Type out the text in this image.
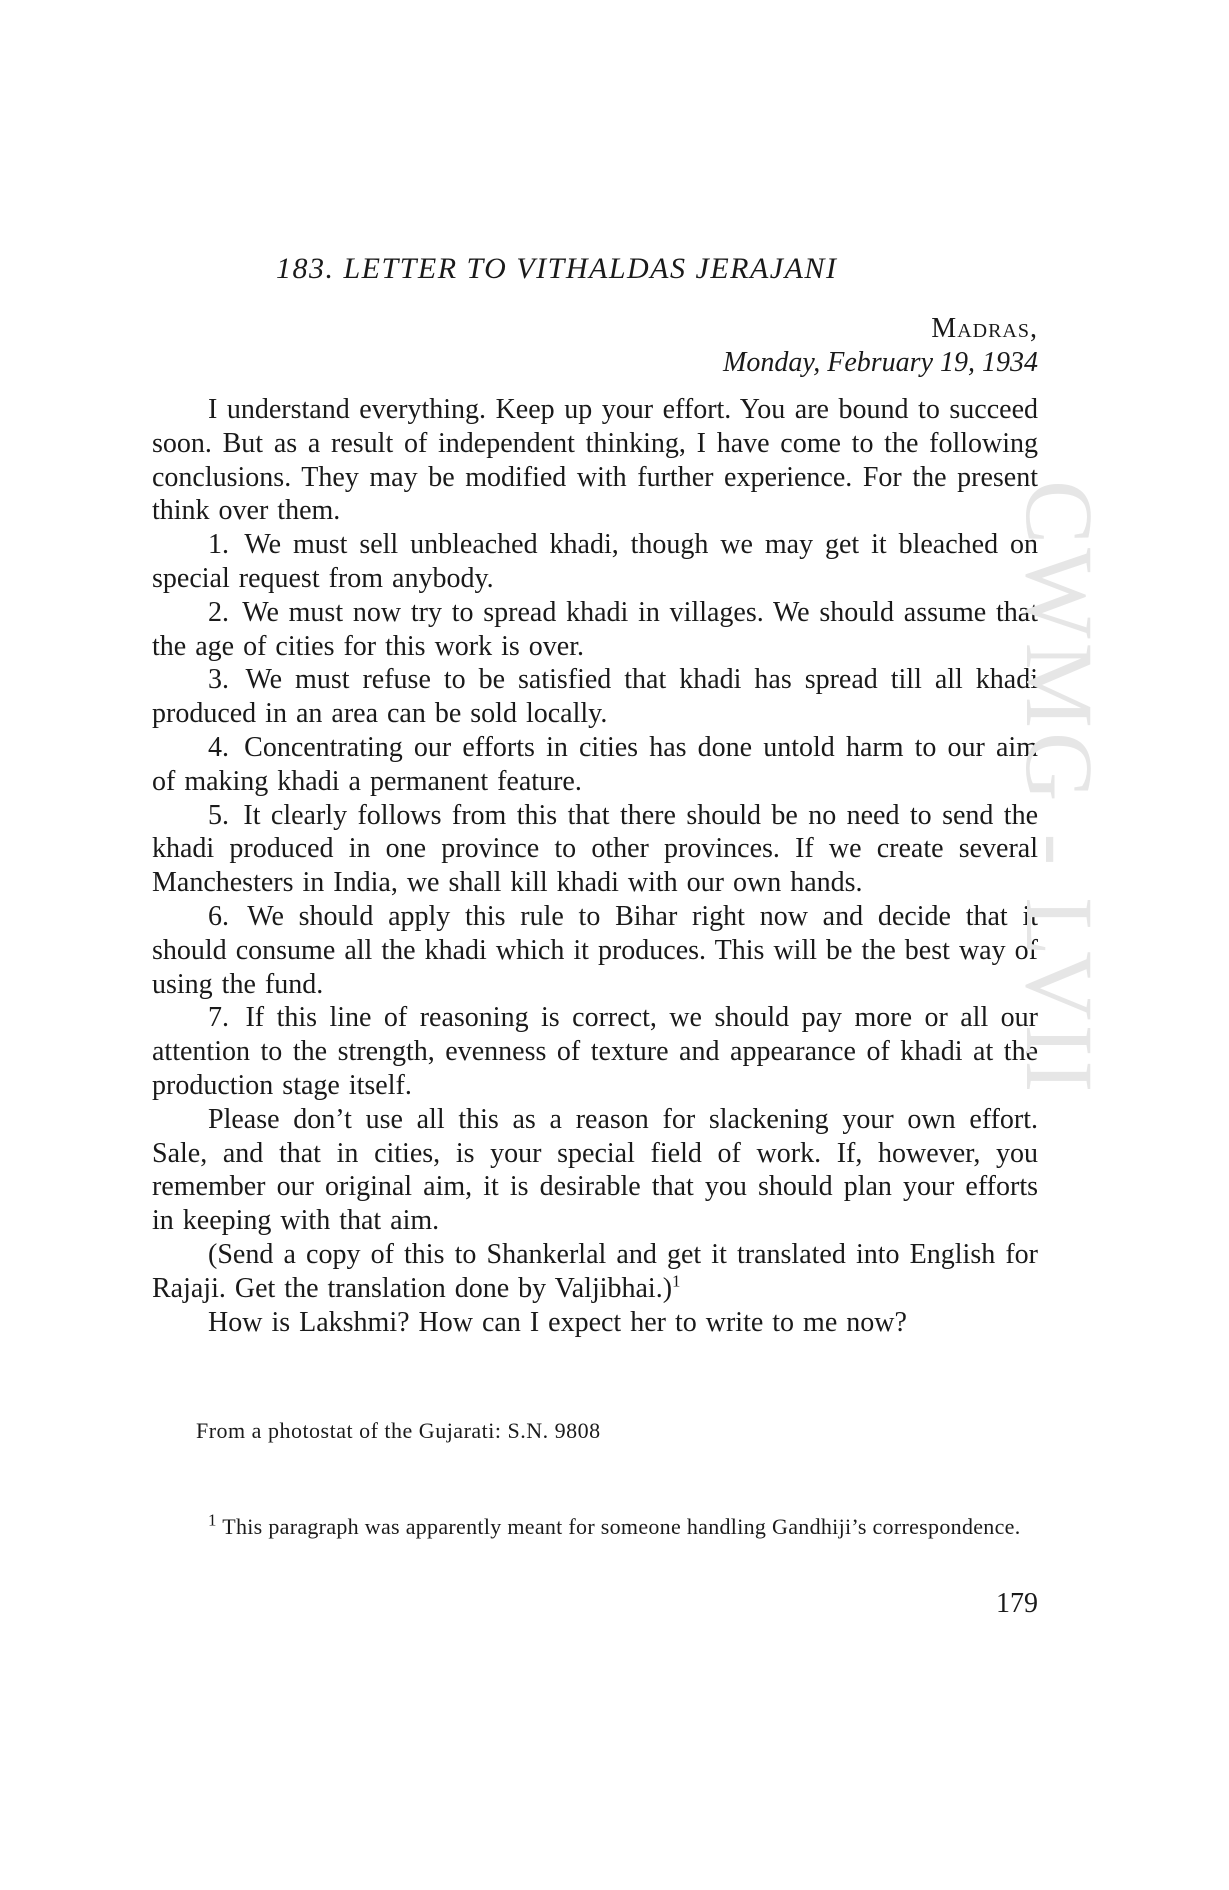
183. LETTER TO VITHALDAS JERAJANI
Madras,
Monday, February 19, 1934

I understand everything. Keep up your effort. You are bound to succeed soon. But as a result of independent thinking, I have come to the following conclusions. They may be modified with further experience. For the present think over them.

1. We must sell unbleached khadi, though we may get it bleached on special request from anybody.

2. We must now try to spread khadi in villages. We should assume that the age of cities for this work is over.

3. We must refuse to be satisfied that khadi has spread till all khadi produced in an area can be sold locally.

4. Concentrating our efforts in cities has done untold harm to our aim of making khadi a permanent feature.

5. It clearly follows from this that there should be no need to send the khadi produced in one province to other provinces. If we create several Manchesters in India, we shall kill khadi with our own hands.

6. We should apply this rule to Bihar right now and decide that it should consume all the khadi which it produces. This will be the best way of using the fund.

7. If this line of reasoning is correct, we should pay more or all our attention to the strength, evenness of texture and appearance of khadi at the production stage itself.

Please don’t use all this as a reason for slackening your own effort. Sale, and that in cities, is your special field of work. If, however, you remember our original aim, it is desirable that you should plan your efforts in keeping with that aim.

(Send a copy of this to Shankerlal and get it translated into English for Rajaji. Get the translation done by Valjibhai.)$^1$

How is Lakshmi? How can I expect her to write to me now?

From a photostat of the Gujarati: S.N. 9808
$^1$ This paragraph was apparently meant for someone handling Gandhiji’s correspondence.
179
CWMG - LVII
